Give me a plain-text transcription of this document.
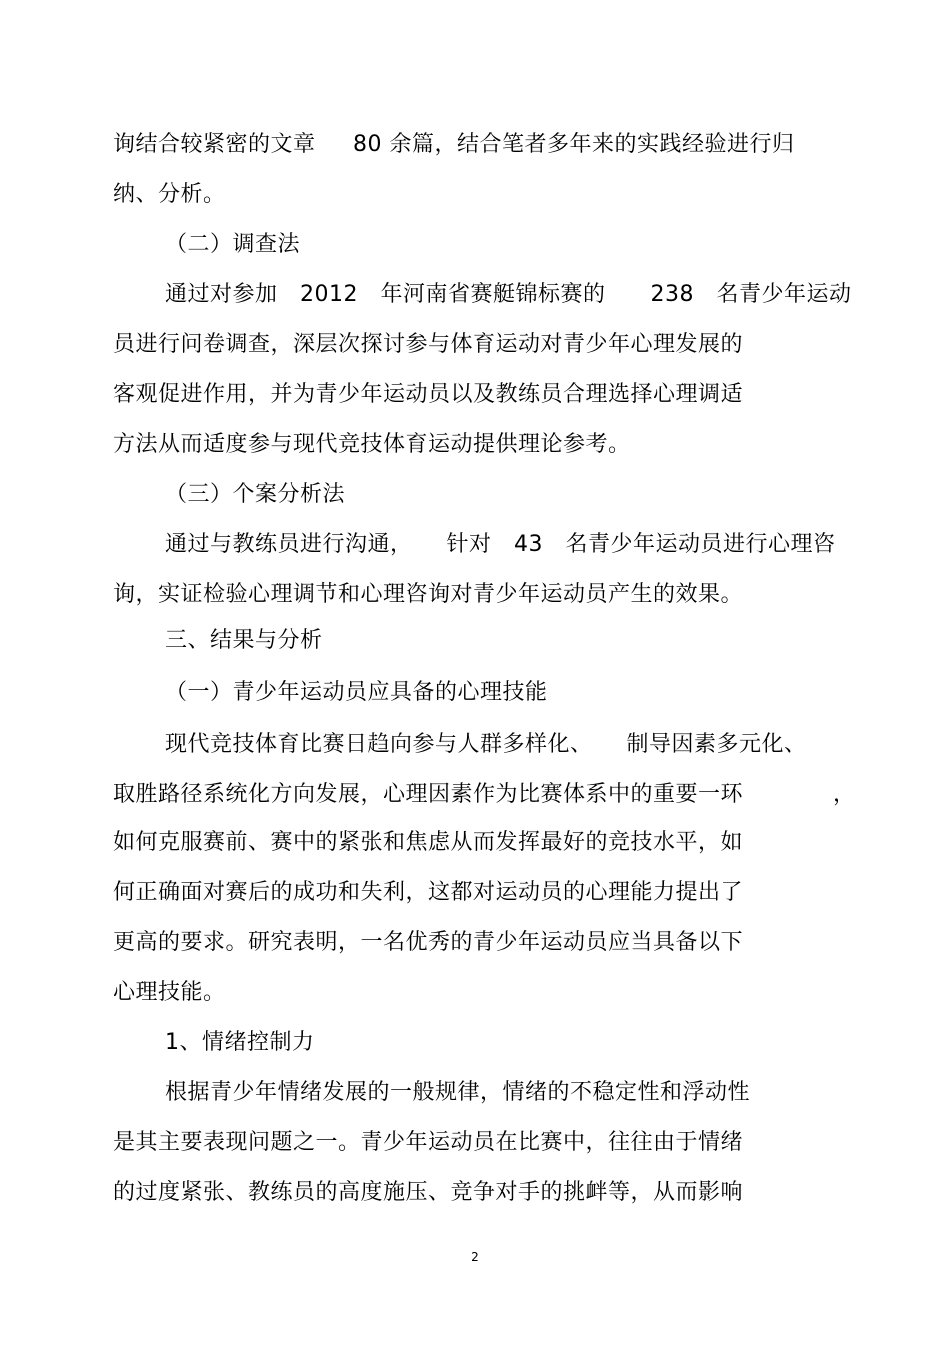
询结合较紧密的文章 　 80 余篇，结合笔者多年来的实践经验进行归
纳、分析。
（二）调查法
通过对参加　2012　年河南省赛艇锦标赛的　　238　名青少年运动
员进行问卷调查，深层次探讨参与体育运动对青少年心理发展的
客观促进作用，并为青少年运动员以及教练员合理选择心理调适
方法从而适度参与现代竞技体育运动提供理论参考。
（三）个案分析法
通过与教练员进行沟通，　　针对　43　名青少年运动员进行心理咨
询，实证检验心理调节和心理咨询对青少年运动员产生的效果。
三、结果与分析
（一）青少年运动员应具备的心理技能
现代竞技体育比赛日趋向参与人群多样化、　　制导因素多元化、
取胜路径系统化方向发展，心理因素作为比赛体系中的重要一环　　　　，
如何克服赛前、赛中的紧张和焦虑从而发挥最好的竞技水平，如
何正确面对赛后的成功和失利，这都对运动员的心理能力提出了
更高的要求。研究表明，一名优秀的青少年运动员应当具备以下
心理技能。
1、情绪控制力
根据青少年情绪发展的一般规律，情绪的不稳定性和浮动性
是其主要表现问题之一。青少年运动员在比赛中，往往由于情绪
的过度紧张、教练员的高度施压、竞争对手的挑衅等，从而影响
2
